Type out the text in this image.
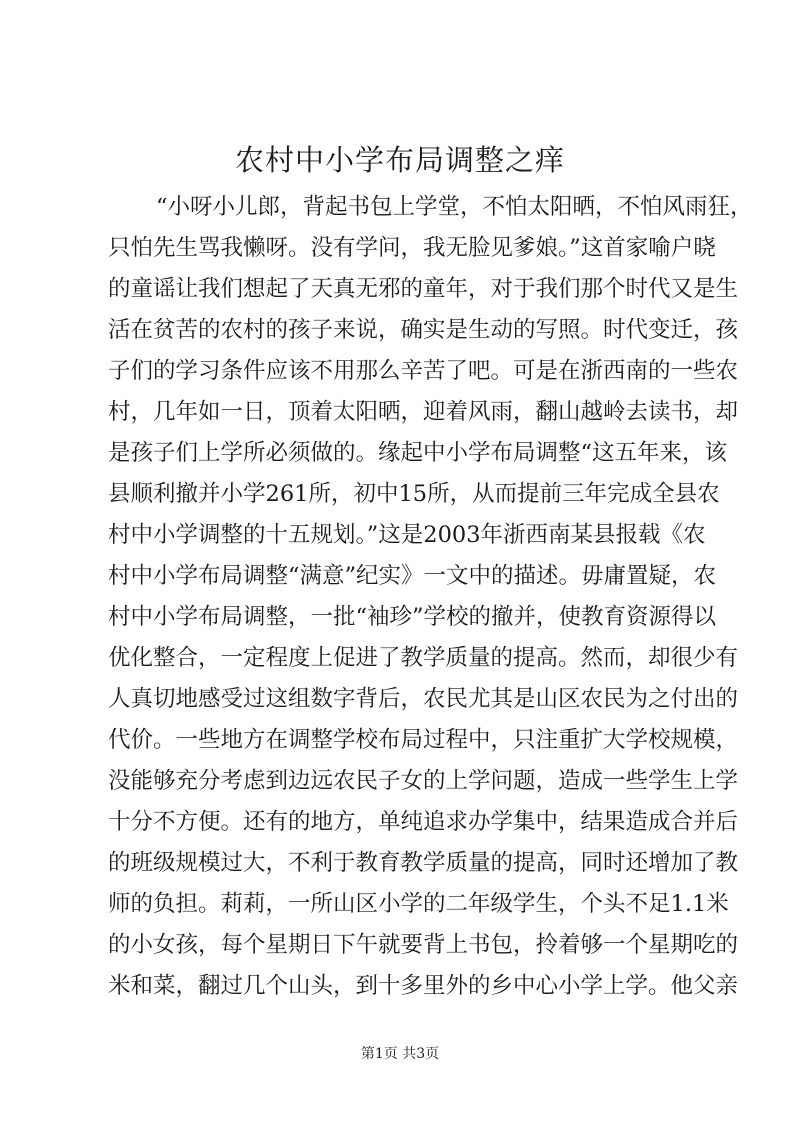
农村中小学布局调整之痒
“小呀小儿郎，背起书包上学堂，不怕太阳晒，不怕风雨狂，
只怕先生骂我懒呀。没有学问，我无脸见爹娘。”这首家喻户晓
的童谣让我们想起了天真无邪的童年，对于我们那个时代又是生
活在贫苦的农村的孩子来说，确实是生动的写照。时代变迁，孩
子们的学习条件应该不用那么辛苦了吧。可是在浙西南的一些农
村，几年如一日，顶着太阳晒，迎着风雨，翻山越岭去读书，却
是孩子们上学所必须做的。缘起中小学布局调整“这五年来，该
县顺利撤并小学261所，初中15所，从而提前三年完成全县农
村中小学调整的十五规划。”这是2003年浙西南某县报载《农
村中小学布局调整“满意”纪实》一文中的描述。毋庸置疑，农
村中小学布局调整，一批“袖珍”学校的撤并，使教育资源得以
优化整合，一定程度上促进了教学质量的提高。然而，却很少有
人真切地感受过这组数字背后，农民尤其是山区农民为之付出的
代价。一些地方在调整学校布局过程中，只注重扩大学校规模，
没能够充分考虑到边远农民子女的上学问题，造成一些学生上学
十分不方便。还有的地方，单纯追求办学集中，结果造成合并后
的班级规模过大，不利于教育教学质量的提高，同时还增加了教
师的负担。莉莉，一所山区小学的二年级学生，个头不足1.1米
的小女孩，每个星期日下午就要背上书包，拎着够一个星期吃的
米和菜，翻过几个山头，到十多里外的乡中心小学上学。他父亲
第1页 共3页
